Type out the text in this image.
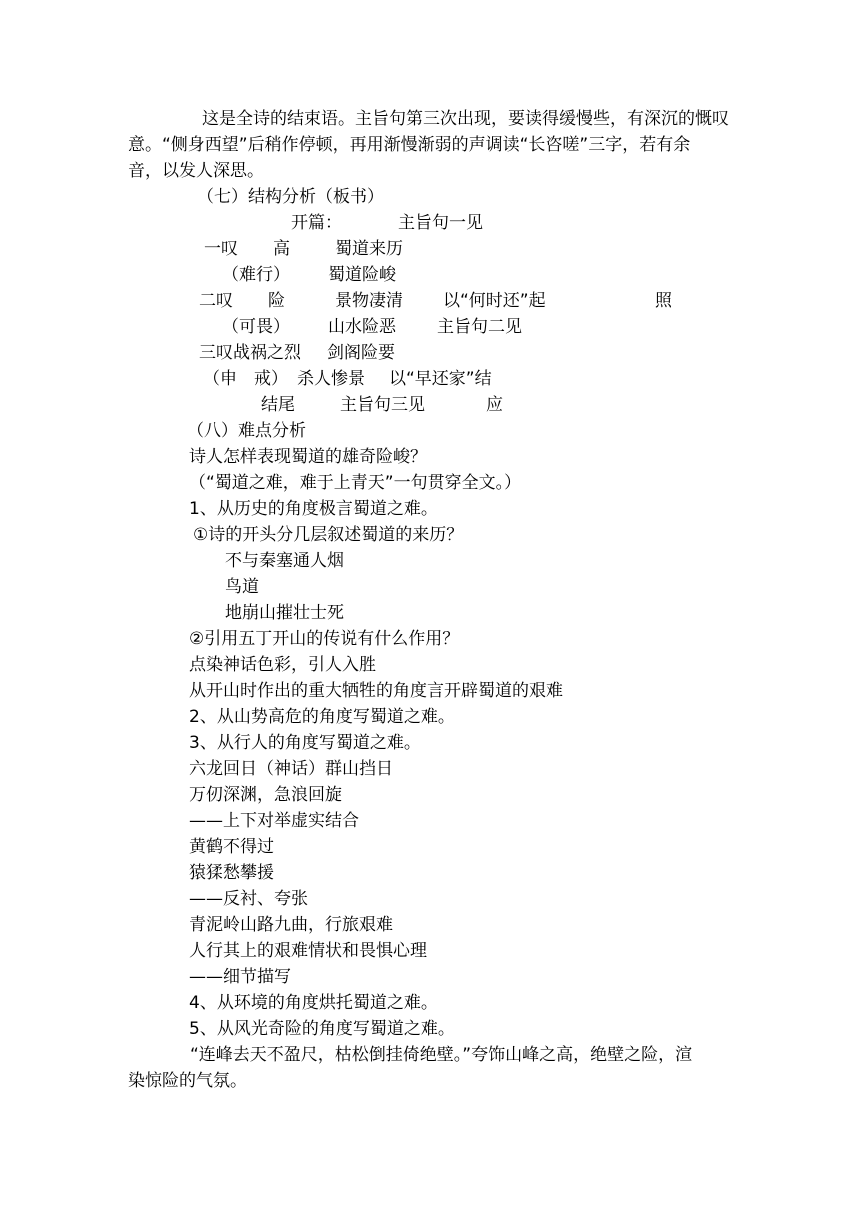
这是全诗的结束语。主旨句第三次出现，要读得缓慢些，有深沉的慨叹
意。“侧身西望”后稍作停顿，再用渐慢渐弱的声调读“长咨嗟”三字，若有余
音，以发人深思。
（七）结构分析（板书）
开篇：	主旨句一见
一叹 高	蜀道来历
（难行） 蜀道险峻
二叹 险	景物凄清 以“何时还”起	照
（可畏） 山水险恶 主旨句二见
三叹战祸之烈 剑阁险要
（申　戒） 杀人惨景 以“早还家”结
结尾	主旨句三见	应
（八）难点分析
诗人怎样表现蜀道的雄奇险峻？
（“蜀道之难，难于上青天”一句贯穿全文。）
1、从历史的角度极言蜀道之难。
①诗的开头分几层叙述蜀道的来历？
不与秦塞通人烟
鸟道
地崩山摧壮士死
②引用五丁开山的传说有什么作用？
点染神话色彩，引人入胜
从开山时作出的重大牺牲的角度言开辟蜀道的艰难
2、从山势高危的角度写蜀道之难。
3、从行人的角度写蜀道之难。
六龙回日（神话）群山挡日
万仞深渊，急浪回旋
——上下对举虚实结合
黄鹤不得过
猿猱愁攀援
——反衬、夸张
青泥岭山路九曲，行旅艰难
人行其上的艰难情状和畏惧心理
——细节描写
4、从环境的角度烘托蜀道之难。
5、从风光奇险的角度写蜀道之难。
“连峰去天不盈尺，枯松倒挂倚绝壁。”夸饰山峰之高，绝壁之险，渲
染惊险的气氛。
